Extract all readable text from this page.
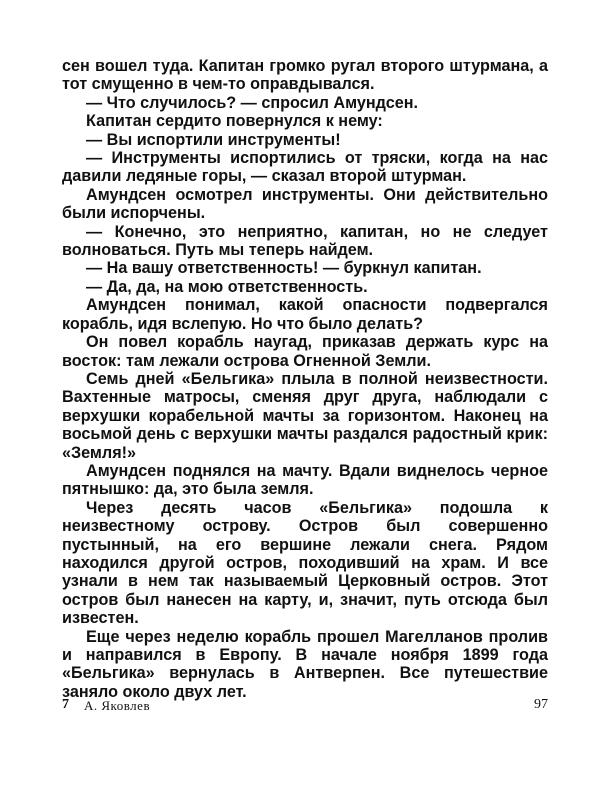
сен вошел туда. Капитан громко ругал второго штурмана, а тот смущенно в чем-то оправдывался.

— Что случилось? — спросил Амундсен.

Капитан сердито повернулся к нему:

— Вы испортили инструменты!

— Инструменты испортились от тряски, когда на нас давили ледяные горы, — сказал второй штурман.

Амундсен осмотрел инструменты. Они действительно были испорчены.

— Конечно, это неприятно, капитан, но не следует волноваться. Путь мы теперь найдем.

— На вашу ответственность! — буркнул капитан.

— Да, да, на мою ответственность.

Амундсен понимал, какой опасности подвергался корабль, идя вслепую. Но что было делать?

Он повел корабль наугад, приказав держать курс на восток: там лежали острова Огненной Земли.

Семь дней «Бельгика» плыла в полной неизвестности. Вахтенные матросы, сменяя друг друга, наблюдали с верхушки корабельной мачты за горизонтом. Наконец на восьмой день с верхушки мачты раздался радостный крик: «Земля!»

Амундсен поднялся на мачту. Вдали виднелось черное пятнышко: да, это была земля.

Через десять часов «Бельгика» подошла к неизвестному острову. Остров был совершенно пустынный, на его вершине лежали снега. Рядом находился другой остров, походивший на храм. И все узнали в нем так называемый Церковный остров. Этот остров был нанесен на карту, и, значит, путь отсюда был известен.

Еще через неделю корабль прошел Магелланов пролив и направился в Европу. В начале ноября 1899 года «Бельгика» вернулась в Антверпен. Все путешествие заняло около двух лет.

7 А. Яковлев	97
